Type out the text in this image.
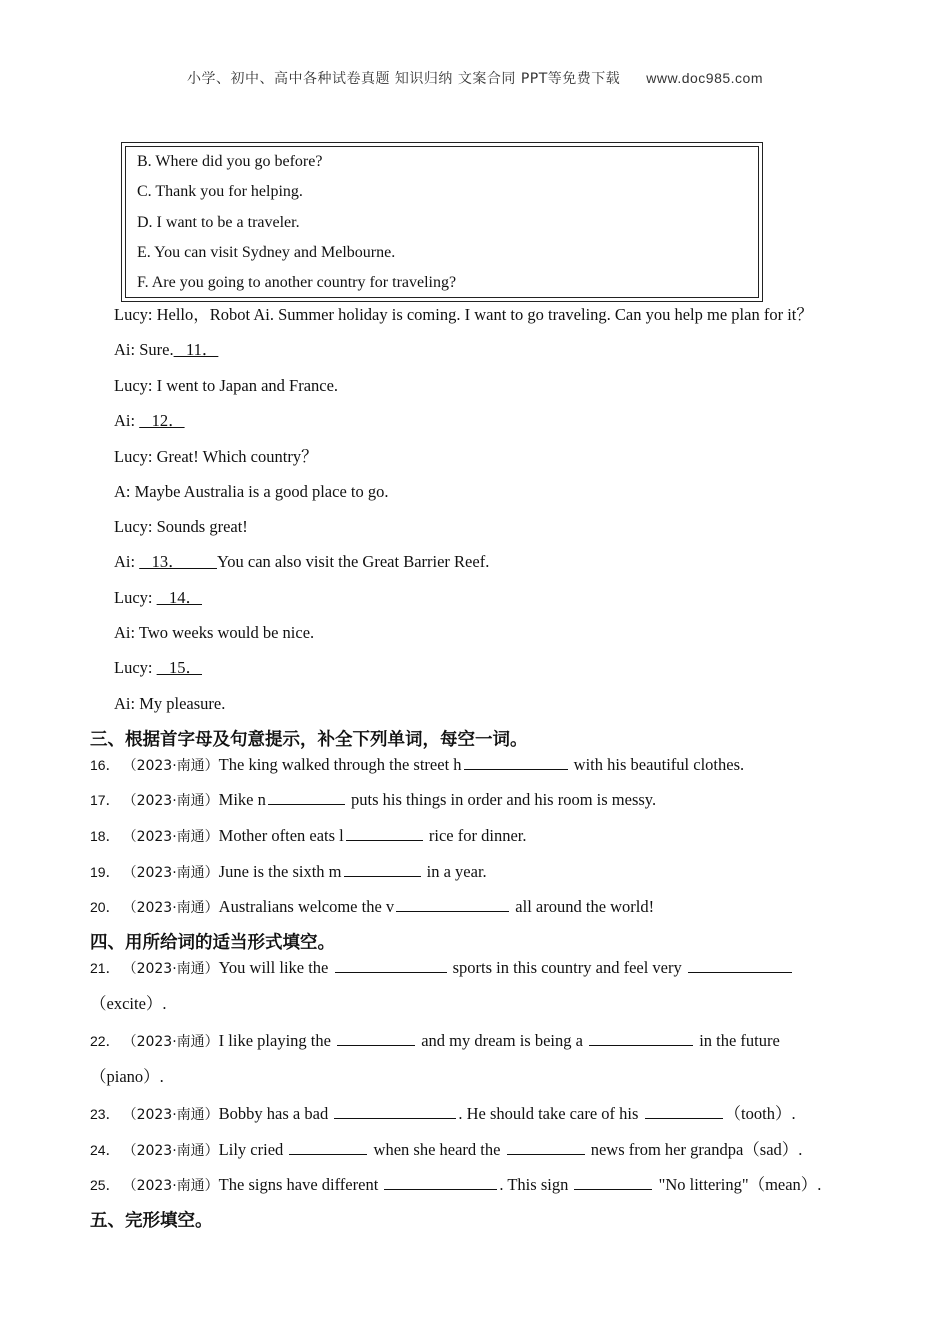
小学、初中、高中各种试卷真题 知识归纳 文案合同 PPT等免费下载 www.doc985.com
B. Where did you go before?
C. Thank you for helping.
D. I want to be a traveler.
E. You can visit Sydney and Melbourne.
F. Are you going to another country for traveling?
Lucy: Hello，Robot Ai. Summer holiday is coming. I want to go traveling. Can you help me plan for it？
Ai: Sure.   11．
Lucy: I went to Japan and France.
Ai:    12．
Lucy: Great! Which country？
A: Maybe Australia is a good place to go.
Lucy: Sounds great!
Ai:    13．        You can also visit the Great Barrier Reef.
Lucy:    14．
Ai: Two weeks would be nice.
Lucy:    15．
Ai: My pleasure.
三、根据首字母及句意提示，补全下列单词，每空一词。
16． （2023·南通）The king walked through the street h	with his beautiful clothes.
17． （2023·南通）Mike n	puts his things in order and his room is messy.
18． （2023·南通）Mother often eats l	rice for dinner.
19． （2023·南通）June is the sixth m	in a year.
20． （2023·南通）Australians welcome the v	all around the world!
四、用所给词的适当形式填空。
21． （2023·南通）You will like the	sports in this country and feel very
（excite）.
22． （2023·南通）I like playing the	and my dream is being a	in the future
（piano）.
23． （2023·南通）Bobby has a bad	. He should take care of his	（tooth）.
24． （2023·南通）Lily cried	when she heard the	news from her grandpa（sad）.
25． （2023·南通）The signs have different	. This sign	"No littering"（mean）.
五、完形填空。
